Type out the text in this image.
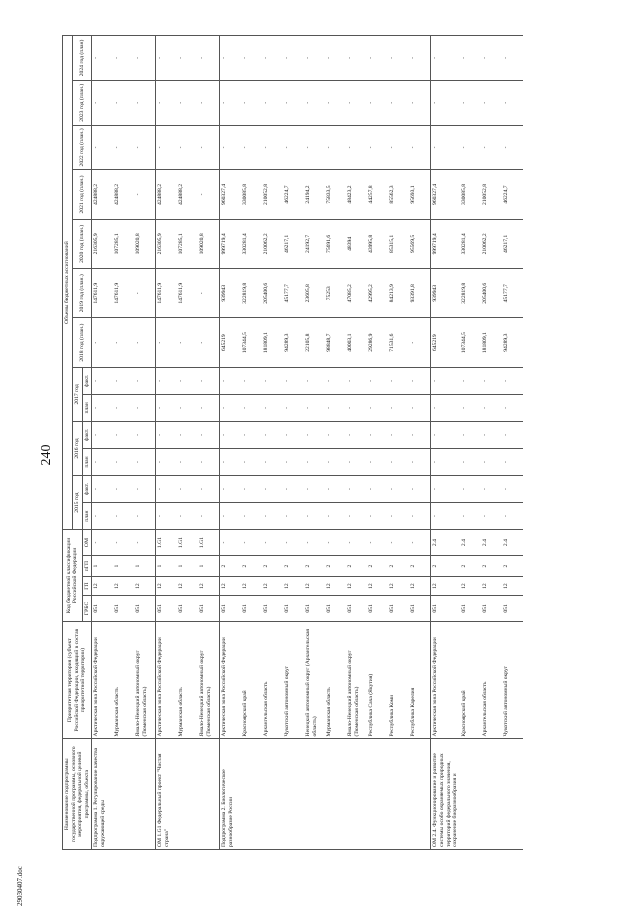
240
29030407.doc
Наименование подпрограммы государственной программы, основного мероприятия, федеральной целевой программы, объекта	Приоритетная территория (субъект Российской Федерации, входящий в состав приоритетной территории)	Код бюджетной классификации Российской Федерации				Объемы бюджетных ассигнований												
						2015 год		2016 год		2017 год		2018 год (план.)	2019 год (план.)	2020 год (план.)	2021 год (план.)	2022 год (план.)	2023 год (план.)	2024 год (план)
		ГРБС	ГП	пГП	ОМ	план	факт.	план	факт.	план	факт.							
Подпрограмма 1. Регулирование качества окружающей среды	Арктическая зона Российской Федерации	051	12	1	-	-	-	-	-	-	-	-	147611,9	216305,9	424888,2	-	-	-
	Мурманская область	051	12	1	-	-	-	-	-	-	-	-	147611,9	107285,1	424888,2	-	-	-
	Ямало-Ненецкий автономный округ (Тюменская область)	051	12	1	-	-	-	-	-	-	-	-	-	109020,8	-	-	-	-
ОМ 1.G1 Федеральный проект "Чистая страна"	Арктическая зона Российской Федерации	051	12	1	1.G1	-	-	-	-	-	-	-	147611,9	216305,9	424888,2	-	-	-
	Мурманская область	051	12	1	1.G1	-	-	-	-	-	-	-	147611,9	107285,1	424888,2	-	-	-
	Ямало-Ненецкий автономный округ (Тюменская область)	051	12	1	1.G1	-	-	-	-	-	-	-	-	109020,8	-	-	-	-
Подпрограмма 2. Биологическое разнообразие России	Арктическая зона Российской Федерации	051	12	2	-	-	-	-	-	-	-	645219	939943	999719,4	960327,4	-	-	-
	Красноярский край	051	12	2	-	-	-	-	-	-	-	107344,5	322819,8	330281,4	330085,8	-	-	-
	Архангельская область	051	12	2	-	-	-	-	-	-	-	181809,1	205400,6	210062,2	210052,8	-	-	-
	Чукотский автономный округ	051	12	2	-	-	-	-	-	-	-	94289,3	45177,7	46217,1	46224,7	-	-	-
	Ненецкий автономный округ (Архангельская область)	051	12	2	-	-	-	-	-	-	-	22105,8	23605,8	24192,7	24194,2	-	-	-
	Мурманская область	051	12	2	-	-	-	-	-	-	-	98848,7	75253	75691,6	75833,5	-	-	-
	Ямало-Ненецкий автономный округ (Тюменская область)	051	12	2	-	-	-	-	-	-	-	40003,1	47085,2	48394	48423,2	-	-	-
	Республика Саха (Якутия)	051	12	2	-	-	-	-	-	-	-	29286,9	42995,2	43995,8	44257,8	-	-	-
	Республика Коми	051	12	2	-	-	-	-	-	-	-	71531,6	84213,9	85315,1	85562,3	-	-	-
	Республика Карелия	051	12	2	-	-	-	-	-	-	-	-	93391,8	95569,5	95693,1	-	-	-
ОМ 2.4. Функционирование и развитие системы особо охраняемых природных территорий федерального значения, сохранение биоразнообразия и	Арктическая зона Российской Федерации	051	12	2	2.4	-	-	-	-	-	-	645219	939943	999719,4	960327,4	-	-	-
	Красноярский край	051	12	2	2.4	-	-	-	-	-	-	107344,5	322819,8	330281,4	330085,8	-	-	-
	Архангельская область	051	12	2	2.4	-	-	-	-	-	-	181809,1	205400,6	210062,2	210052,8	-	-	-
	Чукотский автономный округ	051	12	2	2.4	-	-	-	-	-	-	94289,3	45177,7	46217,1	46224,7	-	-	-
